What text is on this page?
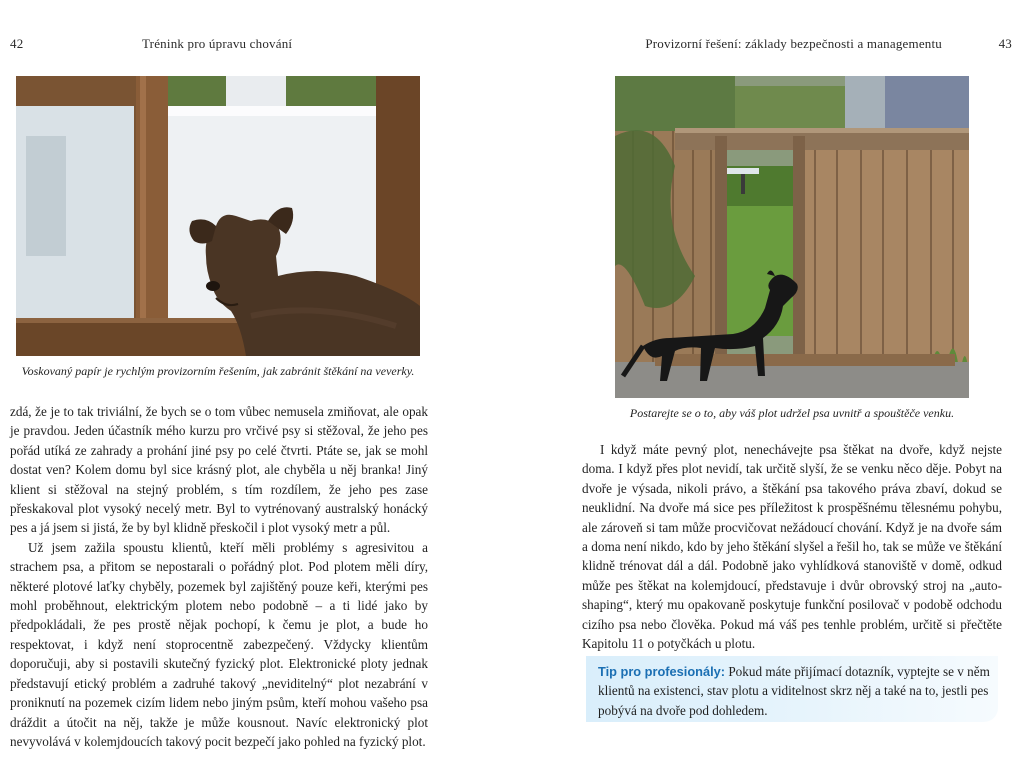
42	Trénink pro úpravu chování
Voskovaný papír je rychlým provizorním řešením, jak zabránit štěkání na veverky.

zdá, že je to tak triviální, že bych se o tom vůbec nemusela zmiňovat, ale opak je pravdou. Jeden účastník mého kurzu pro vrčivé psy si stěžoval, že jeho pes pořád utíká ze zahrady a prohání jiné psy po celé čtvrti. Ptáte se, jak se mohl dostat ven? Kolem domu byl sice krásný plot, ale chyběla u něj branka! Jiný klient si stěžoval na stejný problém, s tím rozdílem, že jeho pes zase přeskakoval plot vysoký necelý metr. Byl to vytrénovaný australský honácký pes a já jsem si jistá, že by byl klidně přeskočil i plot vysoký metr a půl.

Už jsem zažila spoustu klientů, kteří měli problémy s agresivitou a strachem psa, a přitom se nepostarali o pořádný plot. Pod plotem měli díry, některé plotové laťky chyběly, pozemek byl zajištěný pouze keři, kterými pes mohl proběhnout, elektrickým plotem nebo podobně – a ti lidé jako by předpokládali, že pes prostě nějak pochopí, k čemu je plot, a bude ho respektovat, i když není stoprocentně zabezpečený. Vždycky klientům doporučuji, aby si postavili skutečný fyzický plot. Elektronické ploty jednak představují etický problém a zadruhé takový „neviditelný“ plot nezabrání v proniknutí na pozemek cizím lidem nebo jiným psům, kteří mohou vašeho psa dráždit a útočit na něj, takže je může kousnout. Navíc elektronický plot nevyvolává v kolemjdoucích takový pocit bezpečí jako pohled na fyzický plot.

Provizorní řešení: základy bezpečnosti a managementu	43
Postarejte se o to, aby váš plot udržel psa uvnitř a spouštěče venku.

I když máte pevný plot, nenechávejte psa štěkat na dvoře, když nejste doma. I když přes plot nevidí, tak určitě slyší, že se venku něco děje. Pobyt na dvoře je výsada, nikoli právo, a štěkání psa takového práva zbaví, dokud se neuklidní. Na dvoře má sice pes příležitost k prospěšnému tělesnému pohybu, ale zároveň si tam může procvičovat nežádoucí chování. Když je na dvoře sám a doma není nikdo, kdo by jeho štěkání slyšel a řešil ho, tak se může ve štěkání klidně trénovat dál a dál. Podobně jako vyhlídková stanoviště v domě, odkud může pes štěkat na kolemjdoucí, představuje i dvůr obrovský stroj na „auto-shaping“, který mu opakovaně poskytuje funkční posilovač v podobě odchodu cizího psa nebo člověka. Pokud má váš pes tenhle problém, určitě si přečtěte Kapitolu 11 o potyčkách u plotu.

Tip pro profesionály: Pokud máte přijímací dotazník, vyptejte se v něm klientů na existenci, stav plotu a viditelnost skrz něj a také na to, jestli pes pobývá na dvoře pod dohledem.
